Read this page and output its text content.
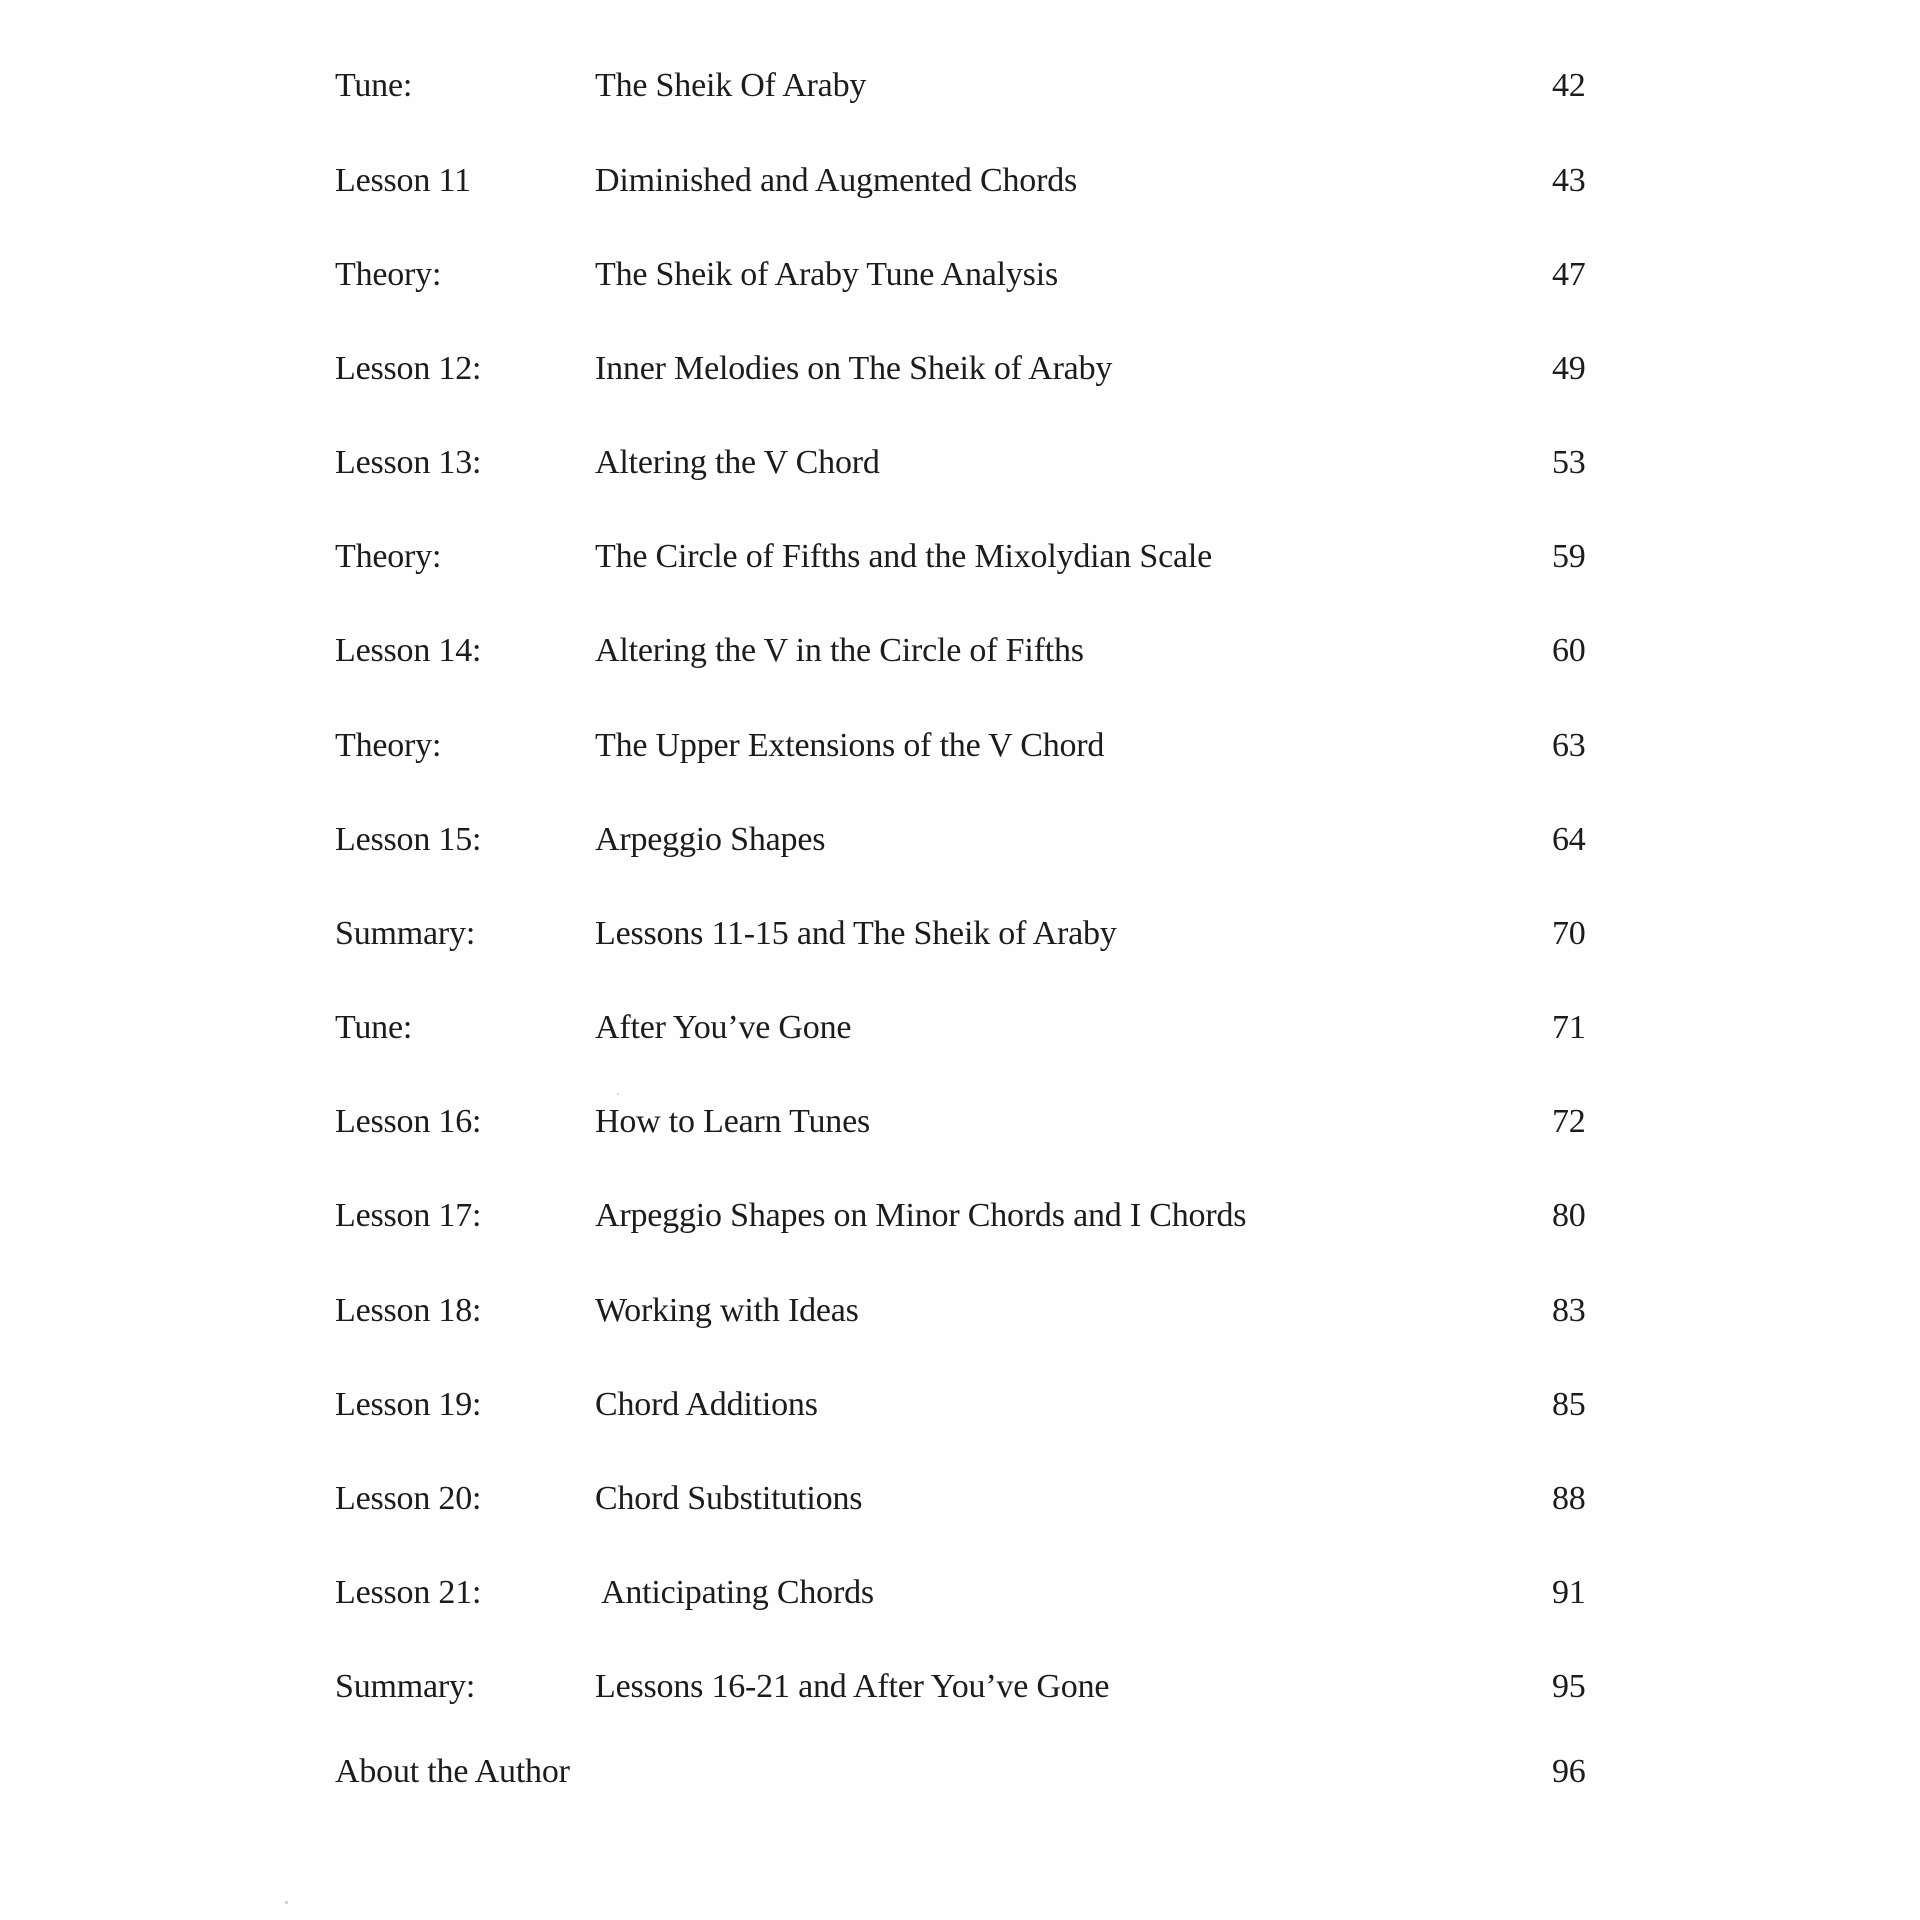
Tune:	The Sheik Of Araby	42
Lesson 11	Diminished and Augmented Chords	43
Theory:	The Sheik of Araby Tune Analysis	47
Lesson 12:	Inner Melodies on The Sheik of Araby	49
Lesson 13:	Altering the V Chord	53
Theory:	The Circle of Fifths and the Mixolydian Scale	59
Lesson 14:	Altering the V in the Circle of Fifths	60
Theory:	The Upper Extensions of the V Chord	63
Lesson 15:	Arpeggio Shapes	64
Summary:	Lessons 11-15 and The Sheik of Araby	70
Tune:	After You’ve Gone	71
Lesson 16:	How to Learn Tunes	72
Lesson 17:	Arpeggio Shapes on Minor Chords and I Chords	80
Lesson 18:	Working with Ideas	83
Lesson 19:	Chord Additions	85
Lesson 20:	Chord Substitutions	88
Lesson 21:	Anticipating Chords	91
Summary:	Lessons 16-21 and After You’ve Gone	95
About the Author	96
